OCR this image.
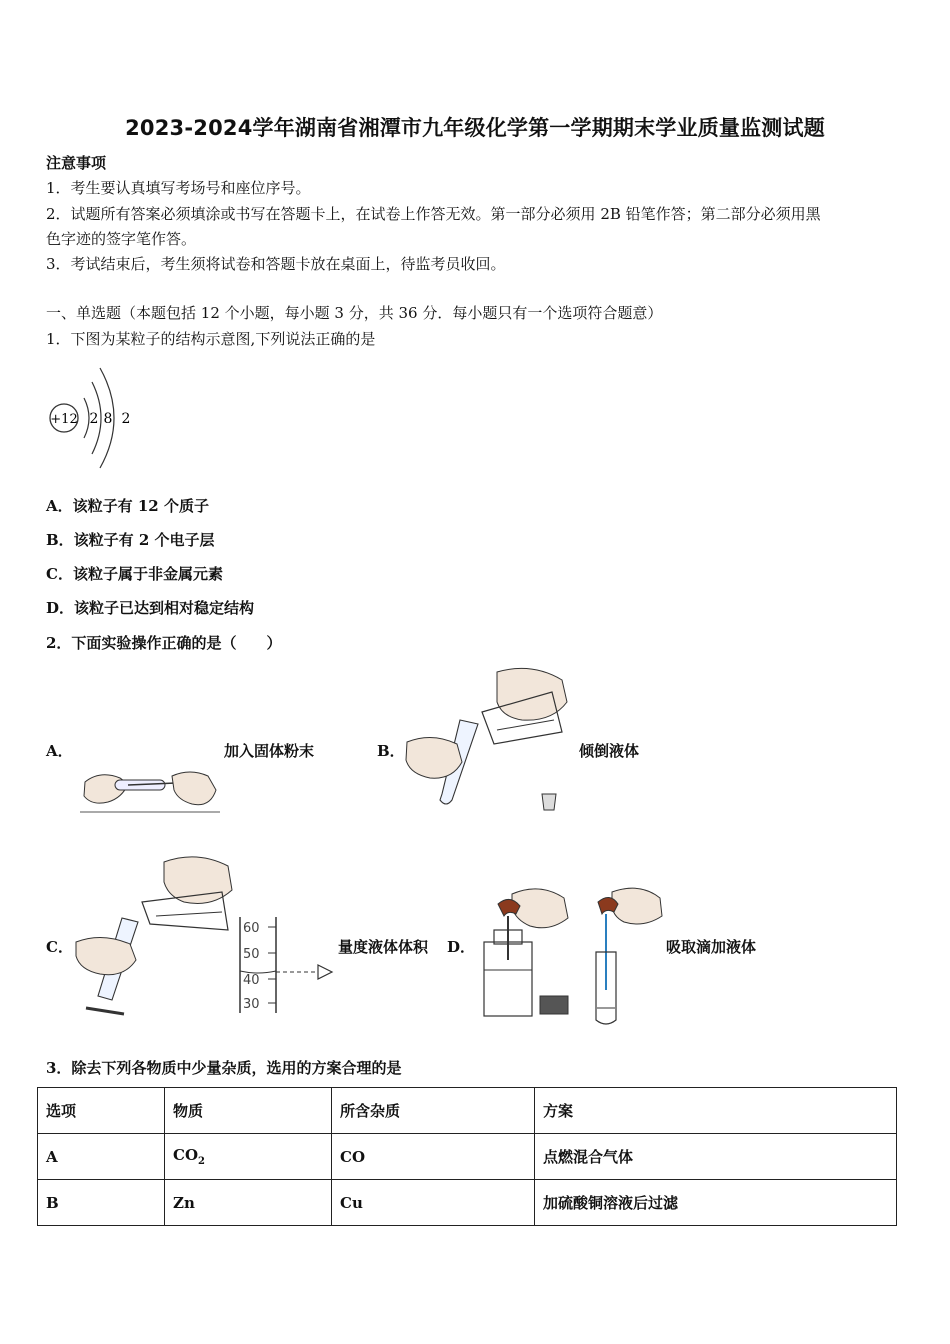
2023-2024学年湖南省湘潭市九年级化学第一学期期末学业质量监测试题
注意事项
1．考生要认真填写考场号和座位序号。
2．试题所有答案必须填涂或书写在答题卡上，在试卷上作答无效。第一部分必须用 2B 铅笔作答；第二部分必须用黑
色字迹的签字笔作答。
3．考试结束后，考生须将试卷和答题卡放在桌面上，待监考员收回。
一、单选题（本题包括 12 个小题，每小题 3 分，共 36 分．每小题只有一个选项符合题意）
1．下图为某粒子的结构示意图,下列说法正确的是
+12 2 8 2
A．该粒子有 12 个质子
B．该粒子有 2 个电子层
C．该粒子属于非金属元素
D．该粒子已达到相对稳定结构
2．下面实验操作正确的是（　　）
A．	加入固体粉末	B．	倾倒液体
C．
60
50
40
30
量度液体体积 D．	吸取滴加液体
3．除去下列各物质中少量杂质，选用的方案合理的是
选项	物质	所含杂质	方案
A	$CO_2$	CO	点燃混合气体
B	Zn	Cu	加硫酸铜溶液后过滤
